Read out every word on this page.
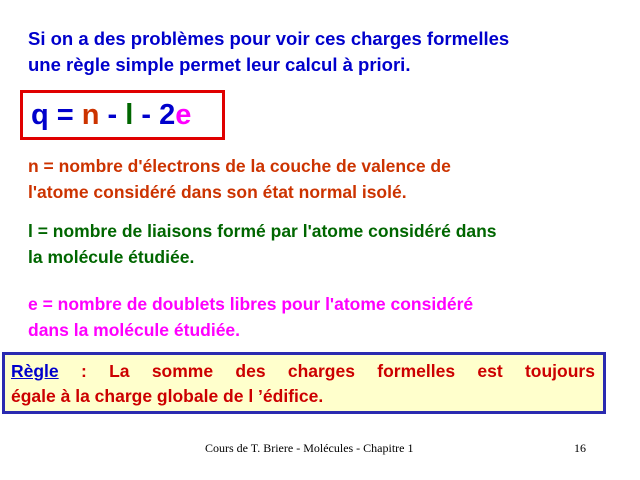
Si on a des problèmes pour voir ces charges formelles
une règle simple permet leur calcul à priori.
q = n - l - 2e
n = nombre d'électrons de la couche de valence de
l'atome considéré dans son état normal isolé.
l = nombre de liaisons formé par l'atome considéré dans
la molécule étudiée.
e = nombre de doublets libres pour l'atome considéré
dans la molécule étudiée.
Règle : La somme des charges formelles est toujours
égale à la charge globale de l ’édifice.
Cours de T. Briere - Molécules - Chapitre 1	16
